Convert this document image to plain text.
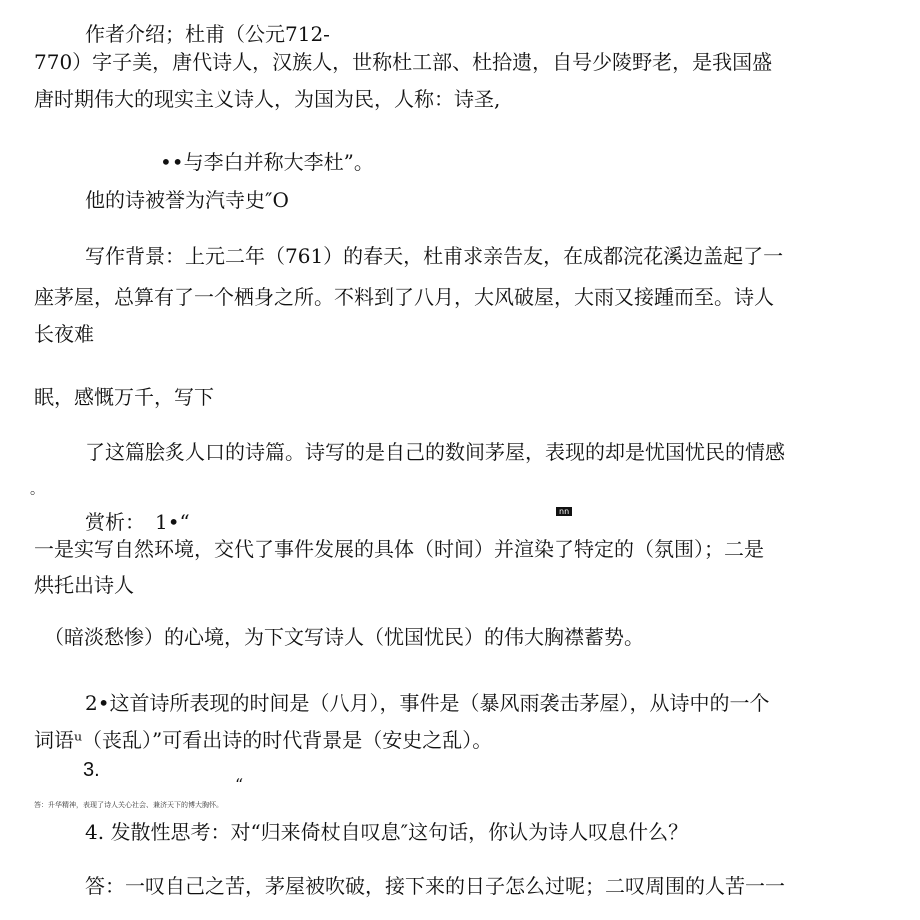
作者介绍；杜甫（公元712-
770）字子美，唐代诗人，汉族人，世称杜工部、杜拾遗，自号少陵野老，是我国盛
唐时期伟大的现实主义诗人，为国为民，人称：诗圣,
••与李白并称大李杜”。
他的诗被誉为汽寺史″O
写作背景：上元二年（761）的春天，杜甫求亲告友，在成都浣花溪边盖起了一
座茅屋，总算有了一个栖身之所。不料到了八月，大风破屋，大雨又接踵而至。诗人
长夜难
眠，感慨万千，写下
了这篇脍炙人口的诗篇。诗写的是自己的数间茅屋，表现的却是忧国忧民的情感
。
赏析：　1•“	nn
一是实写自然环境，交代了事件发展的具体（时间）并渲染了特定的（氛围）；二是
烘托出诗人
（暗淡愁惨）的心境，为下文写诗人（忧国忧民）的伟大胸襟蓄势。
2•这首诗所表现的时间是（八月），事件是（暴风雨袭击茅屋），从诗中的一个
词语ᵘ（丧乱）”可看出诗的时代背景是（安史之乱）。
3.
“
答：升华精神，表现了诗人关心社会、兼济天下的博大胸怀。
4. 发散性思考：对“归来倚杖自叹息″这句话，你认为诗人叹息什么？
答：一叹自己之苦，茅屋被吹破，接下来的日子怎么过呢；二叹周围的人苦一一
